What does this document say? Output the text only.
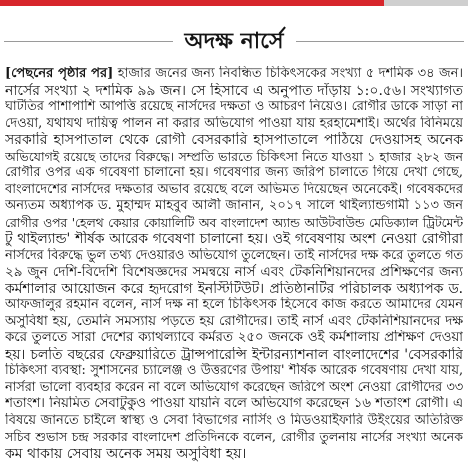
অদক্ষ নার্সে
[পেছনের পৃষ্ঠার পর] হাজার জনের জন্য নিবন্ধিত চিকিৎসকের সংখ্যা ৫ দশমিক ৩৪ জন।
নার্সের সংখ্যা ২ দশমিক ৯৯ জন। সে হিসাবে এ অনুপাত দাঁড়ায় ১:০.৫৬। সংখ্যাগত
ঘাটতির পাশাপাশি আপত্তি রয়েছে নার্সদের দক্ষতা ও আচরণ নিয়েও। রোগীর ডাকে সাড়া না
দেওয়া, যথাযথ দায়িত্ব পালন না করার অভিযোগ পাওয়া যায় হরহামেশাই। অর্থের বিনিময়ে
সরকারি হাসপাতাল থেকে রোগী বেসরকারি হাসপাতালে পাঠিয়ে দেওয়াসহ অনেক
অভিযোগই রয়েছে তাদের বিরুদ্ধে। সম্প্রতি ভারতে চিকিৎসা নিতে যাওয়া ১ হাজার ২৮২ জন
রোগীর ওপর এক গবেষণা চালানো হয়। গবেষণার জন্য জরিপ চালাতে গিয়ে দেখা গেছে,
বাংলাদেশের নার্সদের দক্ষতার অভাব রয়েছে বলে অভিমত দিয়েছেন অনেকেই। গবেষকদের
অন্যতম অধ্যাপক ড. মুহাম্মদ মাহবুব আলী জানান, ২০১৭ সালে থাইল্যান্ডগামী ১১৩ জন
রোগীর ওপর 'হেলথ কেয়ার কোয়ালিটি অব বাংলাদেশ অ্যান্ড আউটবাউন্ড মেডিক্যাল ট্রিটমেন্ট
টু থাইল্যান্ড' শীর্ষক আরেক গবেষণা চালানো হয়। ওই গবেষণায় অংশ নেওয়া রোগীরা
নার্সদের বিরুদ্ধে ভুল তথ্য দেওয়ারও অভিযোগ তুলেছেন। তাই নার্সদের দক্ষ করে তুলতে গত
২৯ জুন দেশি-বিদেশি বিশেষজ্ঞদের সমন্বয়ে নার্স এবং টেকনিশিয়ানদের প্রশিক্ষণের জন্য
কর্মশালার আয়োজন করে হৃদরোগ ইনস্টিটিউট। প্রতিষ্ঠানটির পরিচালক অধ্যাপক ড.
আফজালুর রহমান বলেন, নার্স দক্ষ না হলে চিকিৎসক হিসেবে কাজ করতে আমাদের যেমন
অসুবিধা হয়, তেমনি সমস্যায় পড়তে হয় রোগীদের। তাই নার্স এবং টেকনিশিয়ানদের দক্ষ
করে তুলতে সারা দেশের ক্যাথল্যাবে কর্মরত ২৫০ জনকে ওই কর্মশালায় প্রশিক্ষণ দেওয়া
হয়। চলতি বছরের ফেব্রুয়ারিতে ট্রান্সপারেন্সি ইন্টারন্যাশনাল বাংলাদেশের 'বেসরকারি
চিকিৎসা ব্যবস্থা: সুশাসনের চ্যালেঞ্জ ও উত্তরণের উপায়' শীর্ষক আরেক গবেষণায় দেখা যায়,
নার্সরা ভালো ব্যবহার করেন না বলে অভিযোগ করেছেন জরিপে অংশ নেওয়া রোগীদের ৩৩
শতাংশ। নিয়মিত সেবাটুকুও পাওয়া যায়নি বলে অভিযোগ করেছেন ১৬ শতাংশ রোগী। এ
বিষয়ে জানতে চাইলে স্বাস্থ্য ও সেবা বিভাগের নার্সিং ও মিডওয়াইফারি উইংয়ের অতিরিক্ত
সচিব শুভাস চন্দ্র সরকার বাংলাদেশ প্রতিদিনকে বলেন, রোগীর তুলনায় নার্সের সংখ্যা অনেক
কম থাকায় সেবায় অনেক সময় অসুবিধা হয়।
